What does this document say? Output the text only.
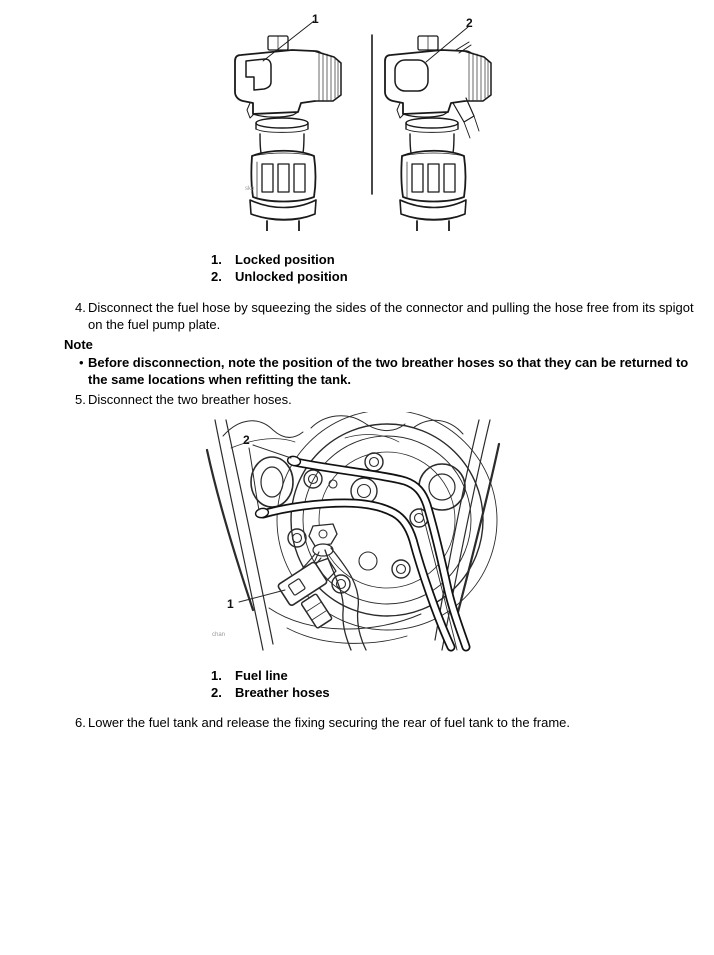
1	2
skp
1.	Locked position
2.	Unlocked position
4. Disconnect the fuel hose by squeezing the sides of the connector and pulling the hose free from its spigot
on the fuel pump plate.
Note
• Before disconnection, note the position of the two breather hoses so that they can be returned to
the same locations when refitting the tank.
5. Disconnect the two breather hoses.
2
1
chan
1.	Fuel line
2.	Breather hoses
6. Lower the fuel tank and release the fixing securing the rear of fuel tank to the frame.
